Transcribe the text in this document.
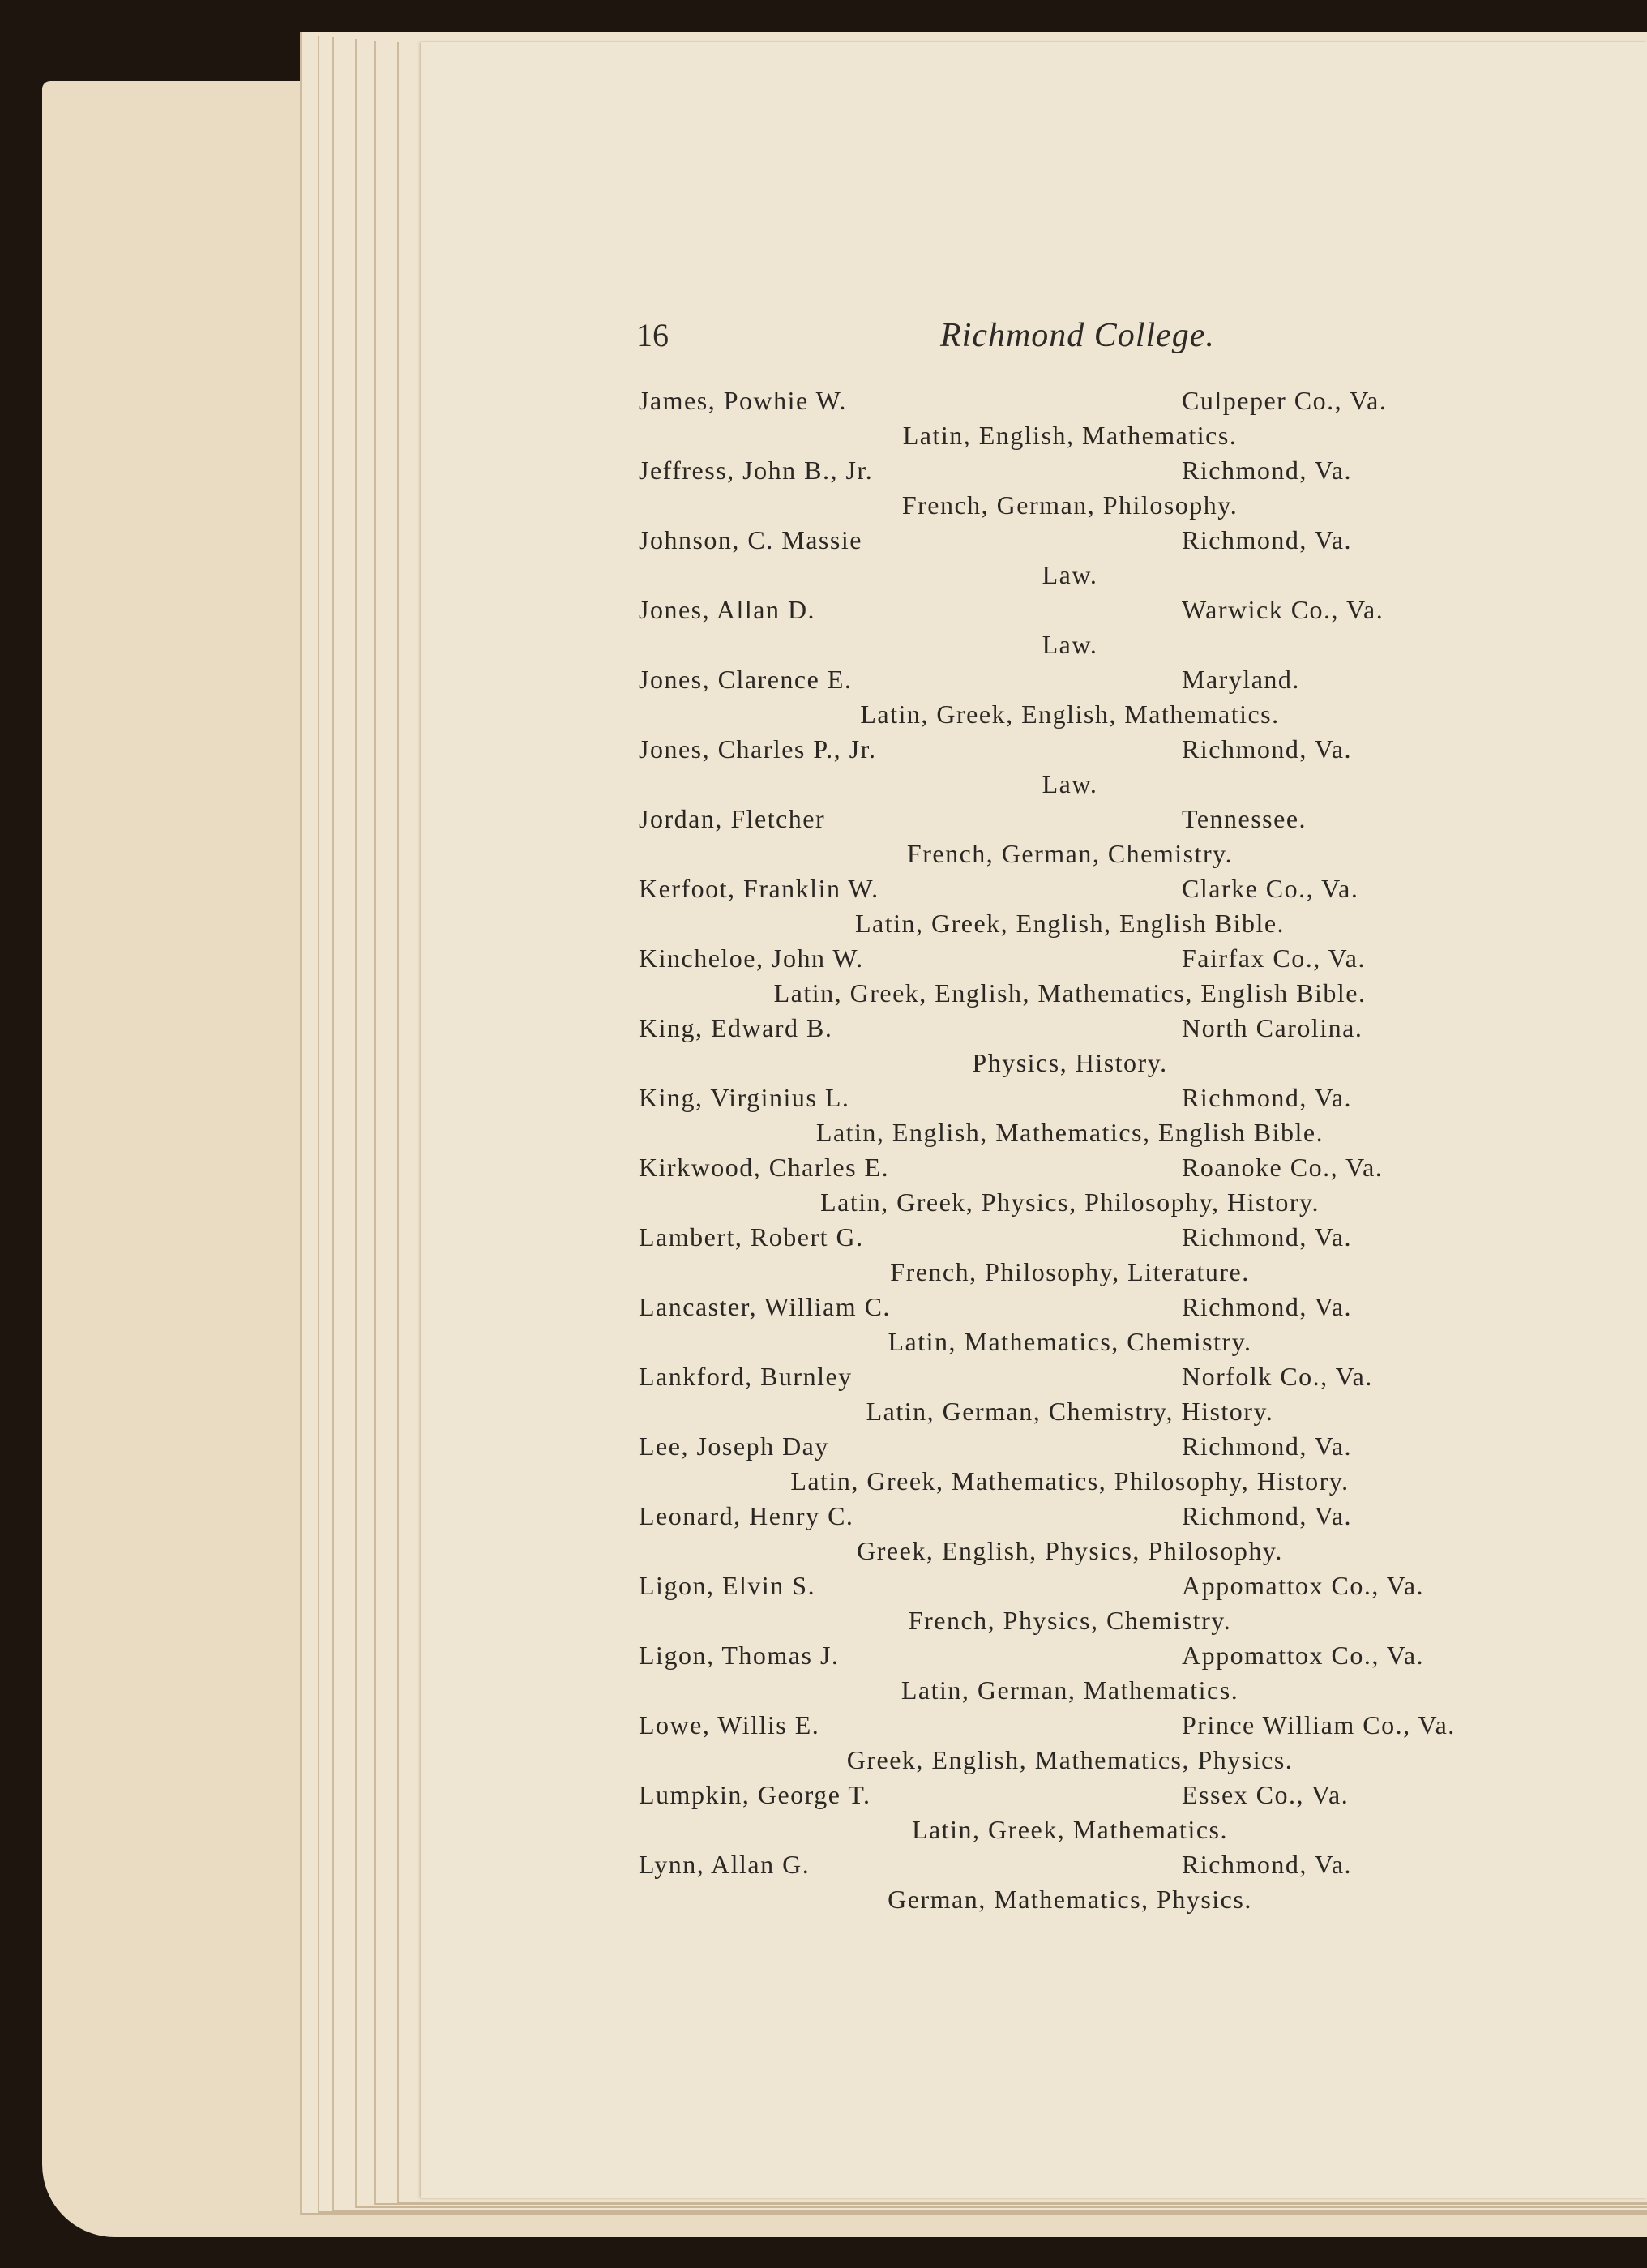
16	Richmond College.
James, Powhie W.	Culpeper Co., Va.
Latin, English, Mathematics.
Jeffress, John B., Jr.	Richmond, Va.
French, German, Philosophy.
Johnson, C. Massie	Richmond, Va.
Law.
Jones, Allan D.	Warwick Co., Va.
Law.
Jones, Clarence E.	Maryland.
Latin, Greek, English, Mathematics.
Jones, Charles P., Jr.	Richmond, Va.
Law.
Jordan, Fletcher	Tennessee.
French, German, Chemistry.
Kerfoot, Franklin W.	Clarke Co., Va.
Latin, Greek, English, English Bible.
Kincheloe, John W.	Fairfax Co., Va.
Latin, Greek, English, Mathematics, English Bible.
King, Edward B.	North Carolina.
Physics, History.
King, Virginius L.	Richmond, Va.
Latin, English, Mathematics, English Bible.
Kirkwood, Charles E.	Roanoke Co., Va.
Latin, Greek, Physics, Philosophy, History.
Lambert, Robert G.	Richmond, Va.
French, Philosophy, Literature.
Lancaster, William C.	Richmond, Va.
Latin, Mathematics, Chemistry.
Lankford, Burnley	Norfolk Co., Va.
Latin, German, Chemistry, History.
Lee, Joseph Day	Richmond, Va.
Latin, Greek, Mathematics, Philosophy, History.
Leonard, Henry C.	Richmond, Va.
Greek, English, Physics, Philosophy.
Ligon, Elvin S.	Appomattox Co., Va.
French, Physics, Chemistry.
Ligon, Thomas J.	Appomattox Co., Va.
Latin, German, Mathematics.
Lowe, Willis E.	Prince William Co., Va.
Greek, English, Mathematics, Physics.
Lumpkin, George T.	Essex Co., Va.
Latin, Greek, Mathematics.
Lynn, Allan G.	Richmond, Va.
German, Mathematics, Physics.
